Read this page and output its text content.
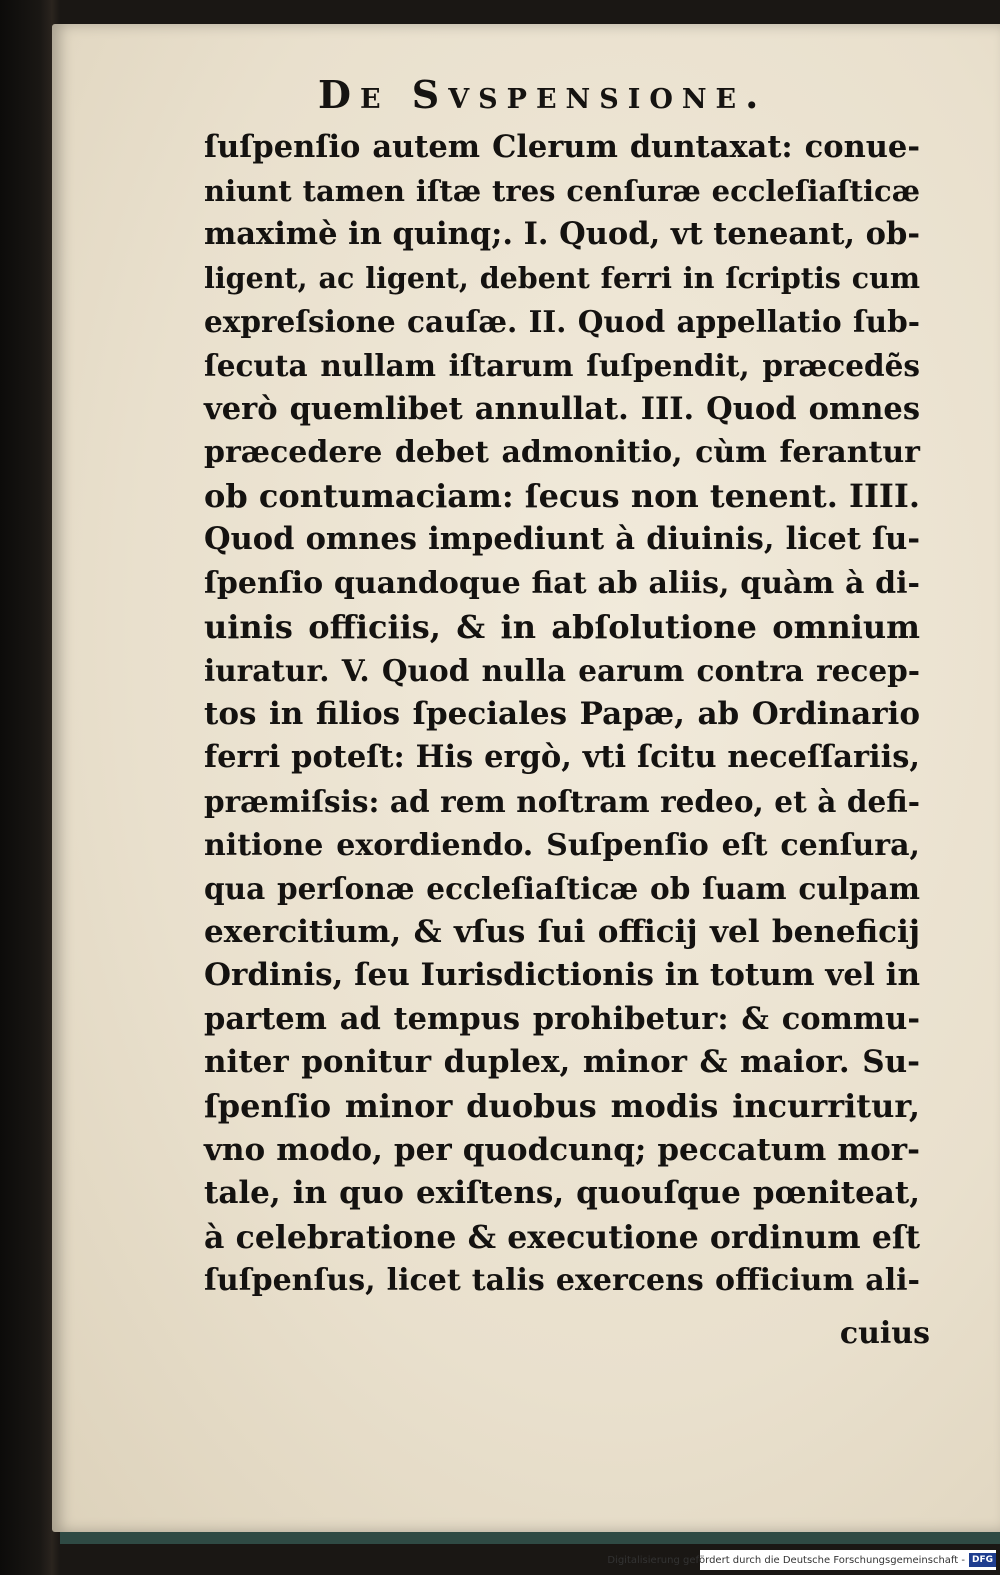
De Svspensione.
ſuſpenſio autem Clerum duntaxat: conue-
niunt tamen iſtæ tres cenſuræ eccleſiaſticæ
maximè in quinq;. I. Quod, vt teneant, ob-
ligent, ac ligent, debent ferri in ſcriptis cum
expreſsione cauſæ. II. Quod appellatio ſub-
ſecuta nullam iſtarum ſuſpendit, præcedẽs
verò quemlibet annullat. III. Quod omnes
præcedere debet admonitio, cùm ferantur
ob contumaciam: ſecus non tenent. IIII.
Quod omnes impediunt à diuinis, licet ſu-
ſpenſio quandoque fiat ab aliis, quàm à di-
uinis officiis, & in abſolutione omnium
iuratur. V. Quod nulla earum contra recep-
tos in filios ſpeciales Papæ, ab Ordinario
ferri poteſt: His ergò, vti ſcitu neceſſariis,
præmiſsis: ad rem noſtram redeo, et à defi-
nitione exordiendo. Suſpenſio eſt cenſura,
qua perſonæ eccleſiaſticæ ob ſuam culpam
exercitium, & vſus ſui officij vel beneficij
Ordinis, ſeu Iurisdictionis in totum vel in
partem ad tempus prohibetur: & commu-
niter ponitur duplex, minor & maior. Su-
ſpenſio minor duobus modis incurritur,
vno modo, per quodcunq; peccatum mor-
tale, in quo exiſtens, quouſque pœniteat,
à celebratione & executione ordinum eſt
ſuſpenſus, licet talis exercens officium ali-
cuius
Digitalisierung gefördert durch die Deutsche Forschungsgemeinschaft - DFG
